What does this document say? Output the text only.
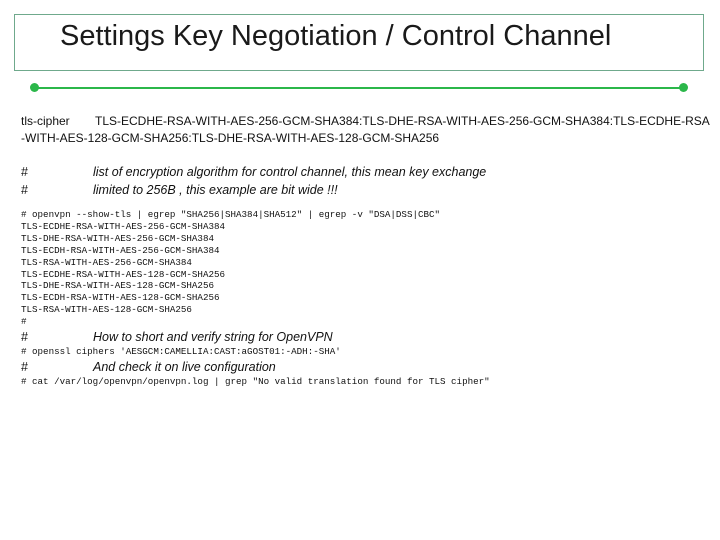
Settings Key Negotiation / Control Channel
tls-cipher TLS-ECDHE-RSA-WITH-AES-256-GCM-SHA384:TLS-DHE-RSA-WITH-AES-256-GCM-SHA384:TLS-ECDHE-RSA
-WITH-AES-128-GCM-SHA256:TLS-DHE-RSA-WITH-AES-128-GCM-SHA256
#	list of encryption algorithm for control channel, this mean key exchange
#	limited to 256B , this example are bit wide !!!
# openvpn --show-tls | egrep "SHA256|SHA384|SHA512" | egrep -v "DSA|DSS|CBC"
TLS-ECDHE-RSA-WITH-AES-256-GCM-SHA384
TLS-DHE-RSA-WITH-AES-256-GCM-SHA384
TLS-ECDH-RSA-WITH-AES-256-GCM-SHA384
TLS-RSA-WITH-AES-256-GCM-SHA384
TLS-ECDHE-RSA-WITH-AES-128-GCM-SHA256
TLS-DHE-RSA-WITH-AES-128-GCM-SHA256
TLS-ECDH-RSA-WITH-AES-128-GCM-SHA256
TLS-RSA-WITH-AES-128-GCM-SHA256
#
#	How to short and verify string for OpenVPN
# openssl ciphers 'AESGCM:CAMELLIA:CAST:aGOST01:-ADH:-SHA'
#	And check it on live configuration
# cat /var/log/openvpn/openvpn.log | grep "No valid translation found for TLS cipher"
